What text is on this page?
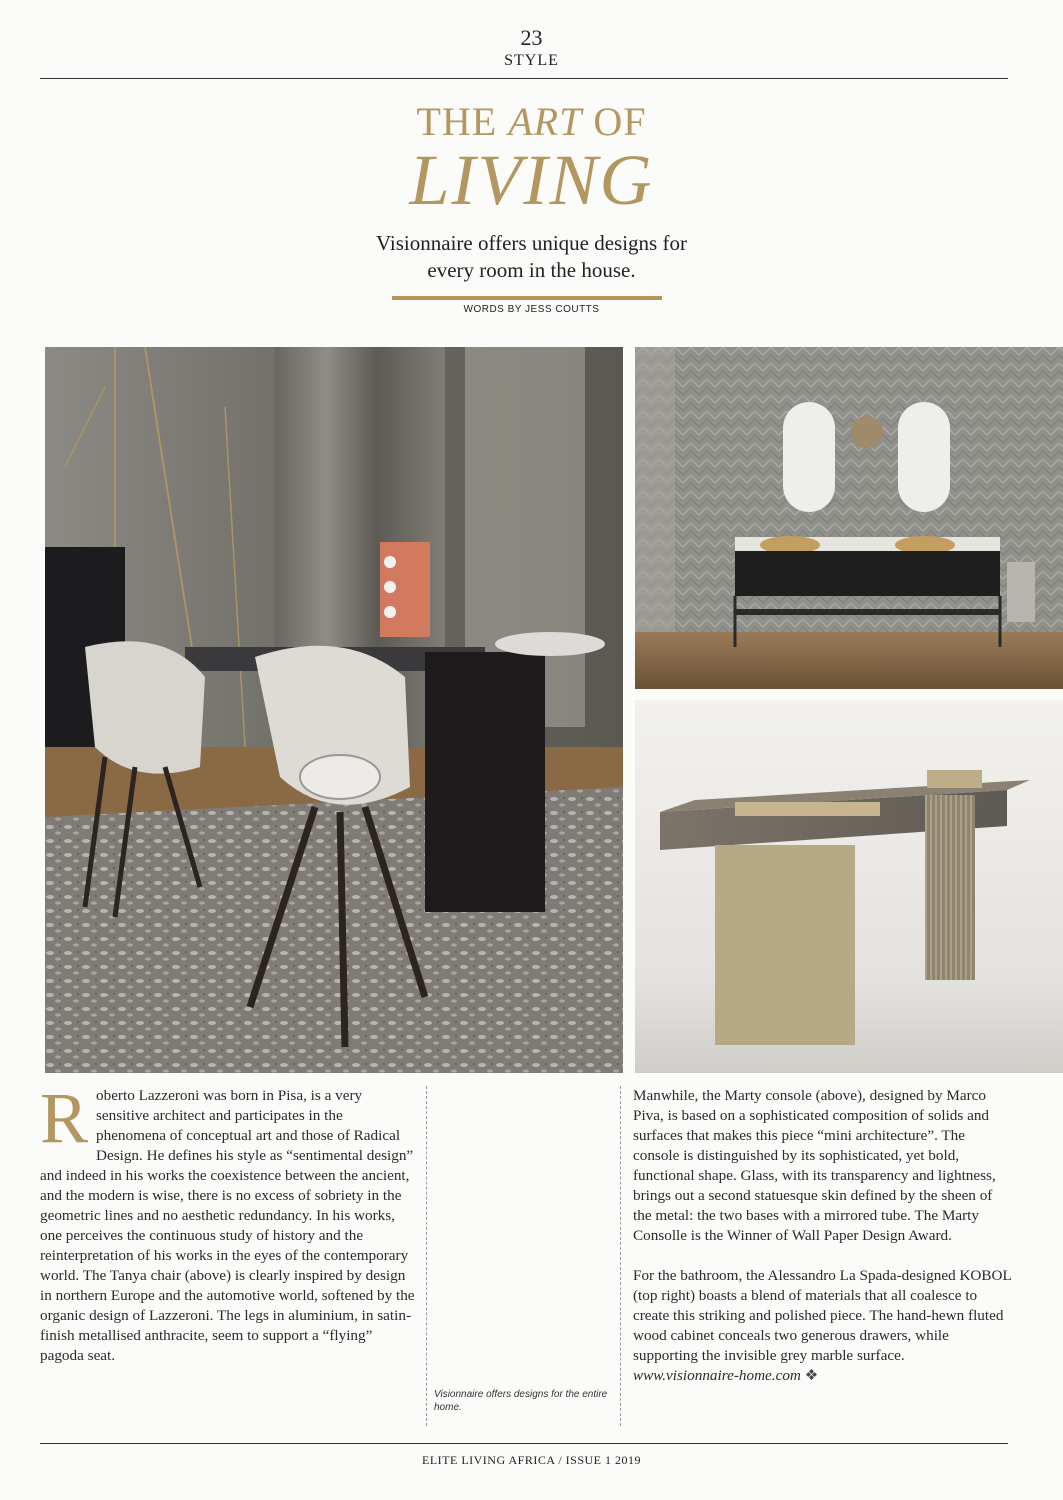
23
STYLE
THE ART OF
LIVING
Visionnaire offers unique designs for
every room in the house.
WORDS BY JESS COUTTS
R oberto Lazzeroni was born in Pisa, is a very sensitive architect and participates in the phenomena of conceptual art and those of Radical Design. He defines his style as “sentimental design” and indeed in his works the coexistence between the ancient, and the modern is wise, there is no excess of sobriety in the geometric lines and no aesthetic redundancy. In his works, one perceives the continuous study of history and the reinterpretation of his works in the eyes of the contemporary world. The Tanya chair (above) is clearly inspired by design in northern Europe and the automotive world, softened by the organic design of Lazzeroni. The legs in aluminium, in satin-finish metallised anthracite, seem to support a “flying” pagoda seat.
Visionnaire offers designs for the entire home.

Manwhile, the Marty console (above), designed by Marco Piva, is based on a sophisticated composition of solids and surfaces that makes this piece “mini architecture”. The console is distinguished by its sophisticated, yet bold, functional shape. Glass, with its transparency and lightness, brings out a second statuesque skin defined by the sheen of the metal: the two bases with a mirrored tube. The Marty Consolle is the Winner of Wall Paper Design Award.

For the bathroom, the Alessandro La Spada-designed KOBOL (top right) boasts a blend of materials that all coalesce to create this striking and polished piece. The hand-hewn fluted wood cabinet conceals two generous drawers, while supporting the invisible grey marble surface. www.visionnaire-home.com ❖

ELITE LIVING AFRICA / ISSUE 1 2019
